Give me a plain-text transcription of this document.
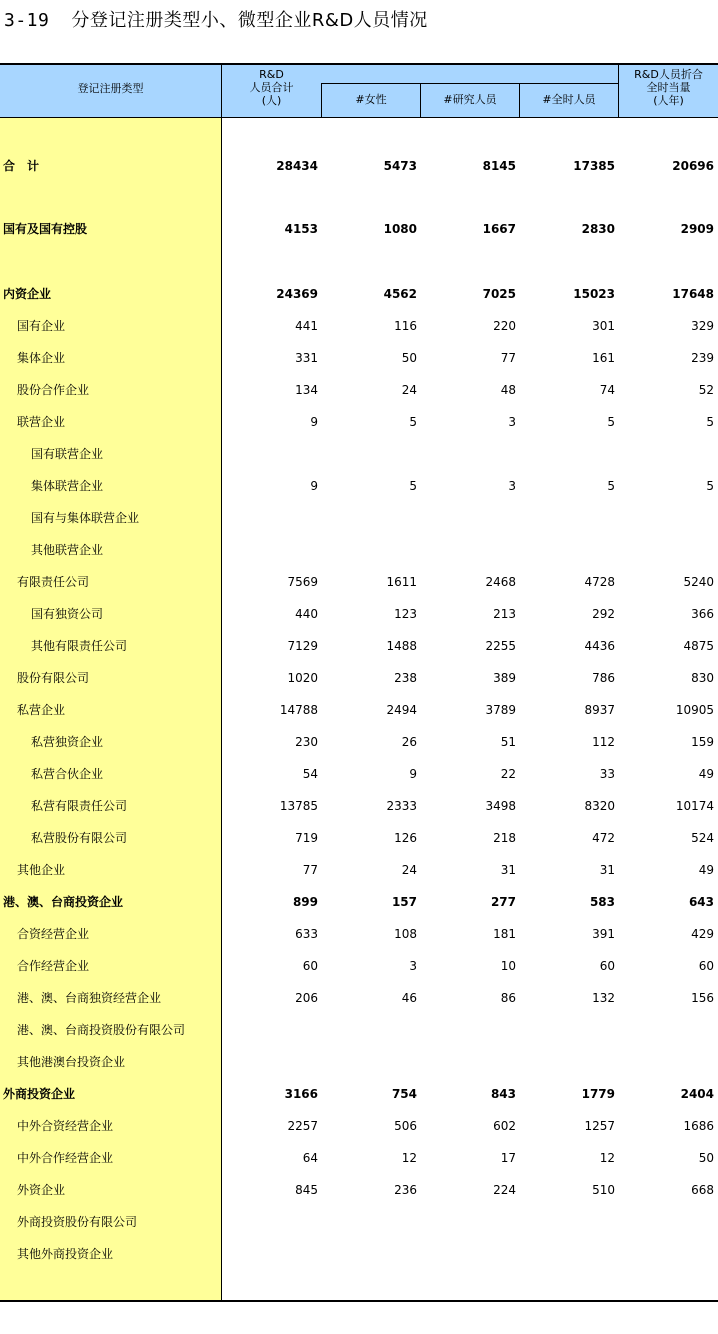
3-19 分登记注册类型小、微型企业R&D人员情况
登记注册类型
R&D
人员合计
(人)	#女性	#研究人员	#全时人员
R&D人员折合
全时当量
(人年)
合　计	28434	5473	8145	17385	20696
国有及国有控股	4153	1080	1667	2830	2909
内资企业	24369	4562	7025	15023	17648
国有企业	441	116	220	301	329
集体企业	331	50	77	161	239
股份合作企业	134	24	48	74	52
联营企业	9	5	3	5	5
国有联营企业
集体联营企业	9	5	3	5	5
国有与集体联营企业
其他联营企业
有限责任公司	7569	1611	2468	4728	5240
国有独资公司	440	123	213	292	366
其他有限责任公司	7129	1488	2255	4436	4875
股份有限公司	1020	238	389	786	830
私营企业	14788	2494	3789	8937	10905
私营独资企业	230	26	51	112	159
私营合伙企业	54	9	22	33	49
私营有限责任公司	13785	2333	3498	8320	10174
私营股份有限公司	719	126	218	472	524
其他企业	77	24	31	31	49
港、澳、台商投资企业	899	157	277	583	643
合资经营企业	633	108	181	391	429
合作经营企业	60	3	10	60	60
港、澳、台商独资经营企业	206	46	86	132	156
港、澳、台商投资股份有限公司
其他港澳台投资企业
外商投资企业	3166	754	843	1779	2404
中外合资经营企业	2257	506	602	1257	1686
中外合作经营企业	64	12	17	12	50
外资企业	845	236	224	510	668
外商投资股份有限公司
其他外商投资企业
